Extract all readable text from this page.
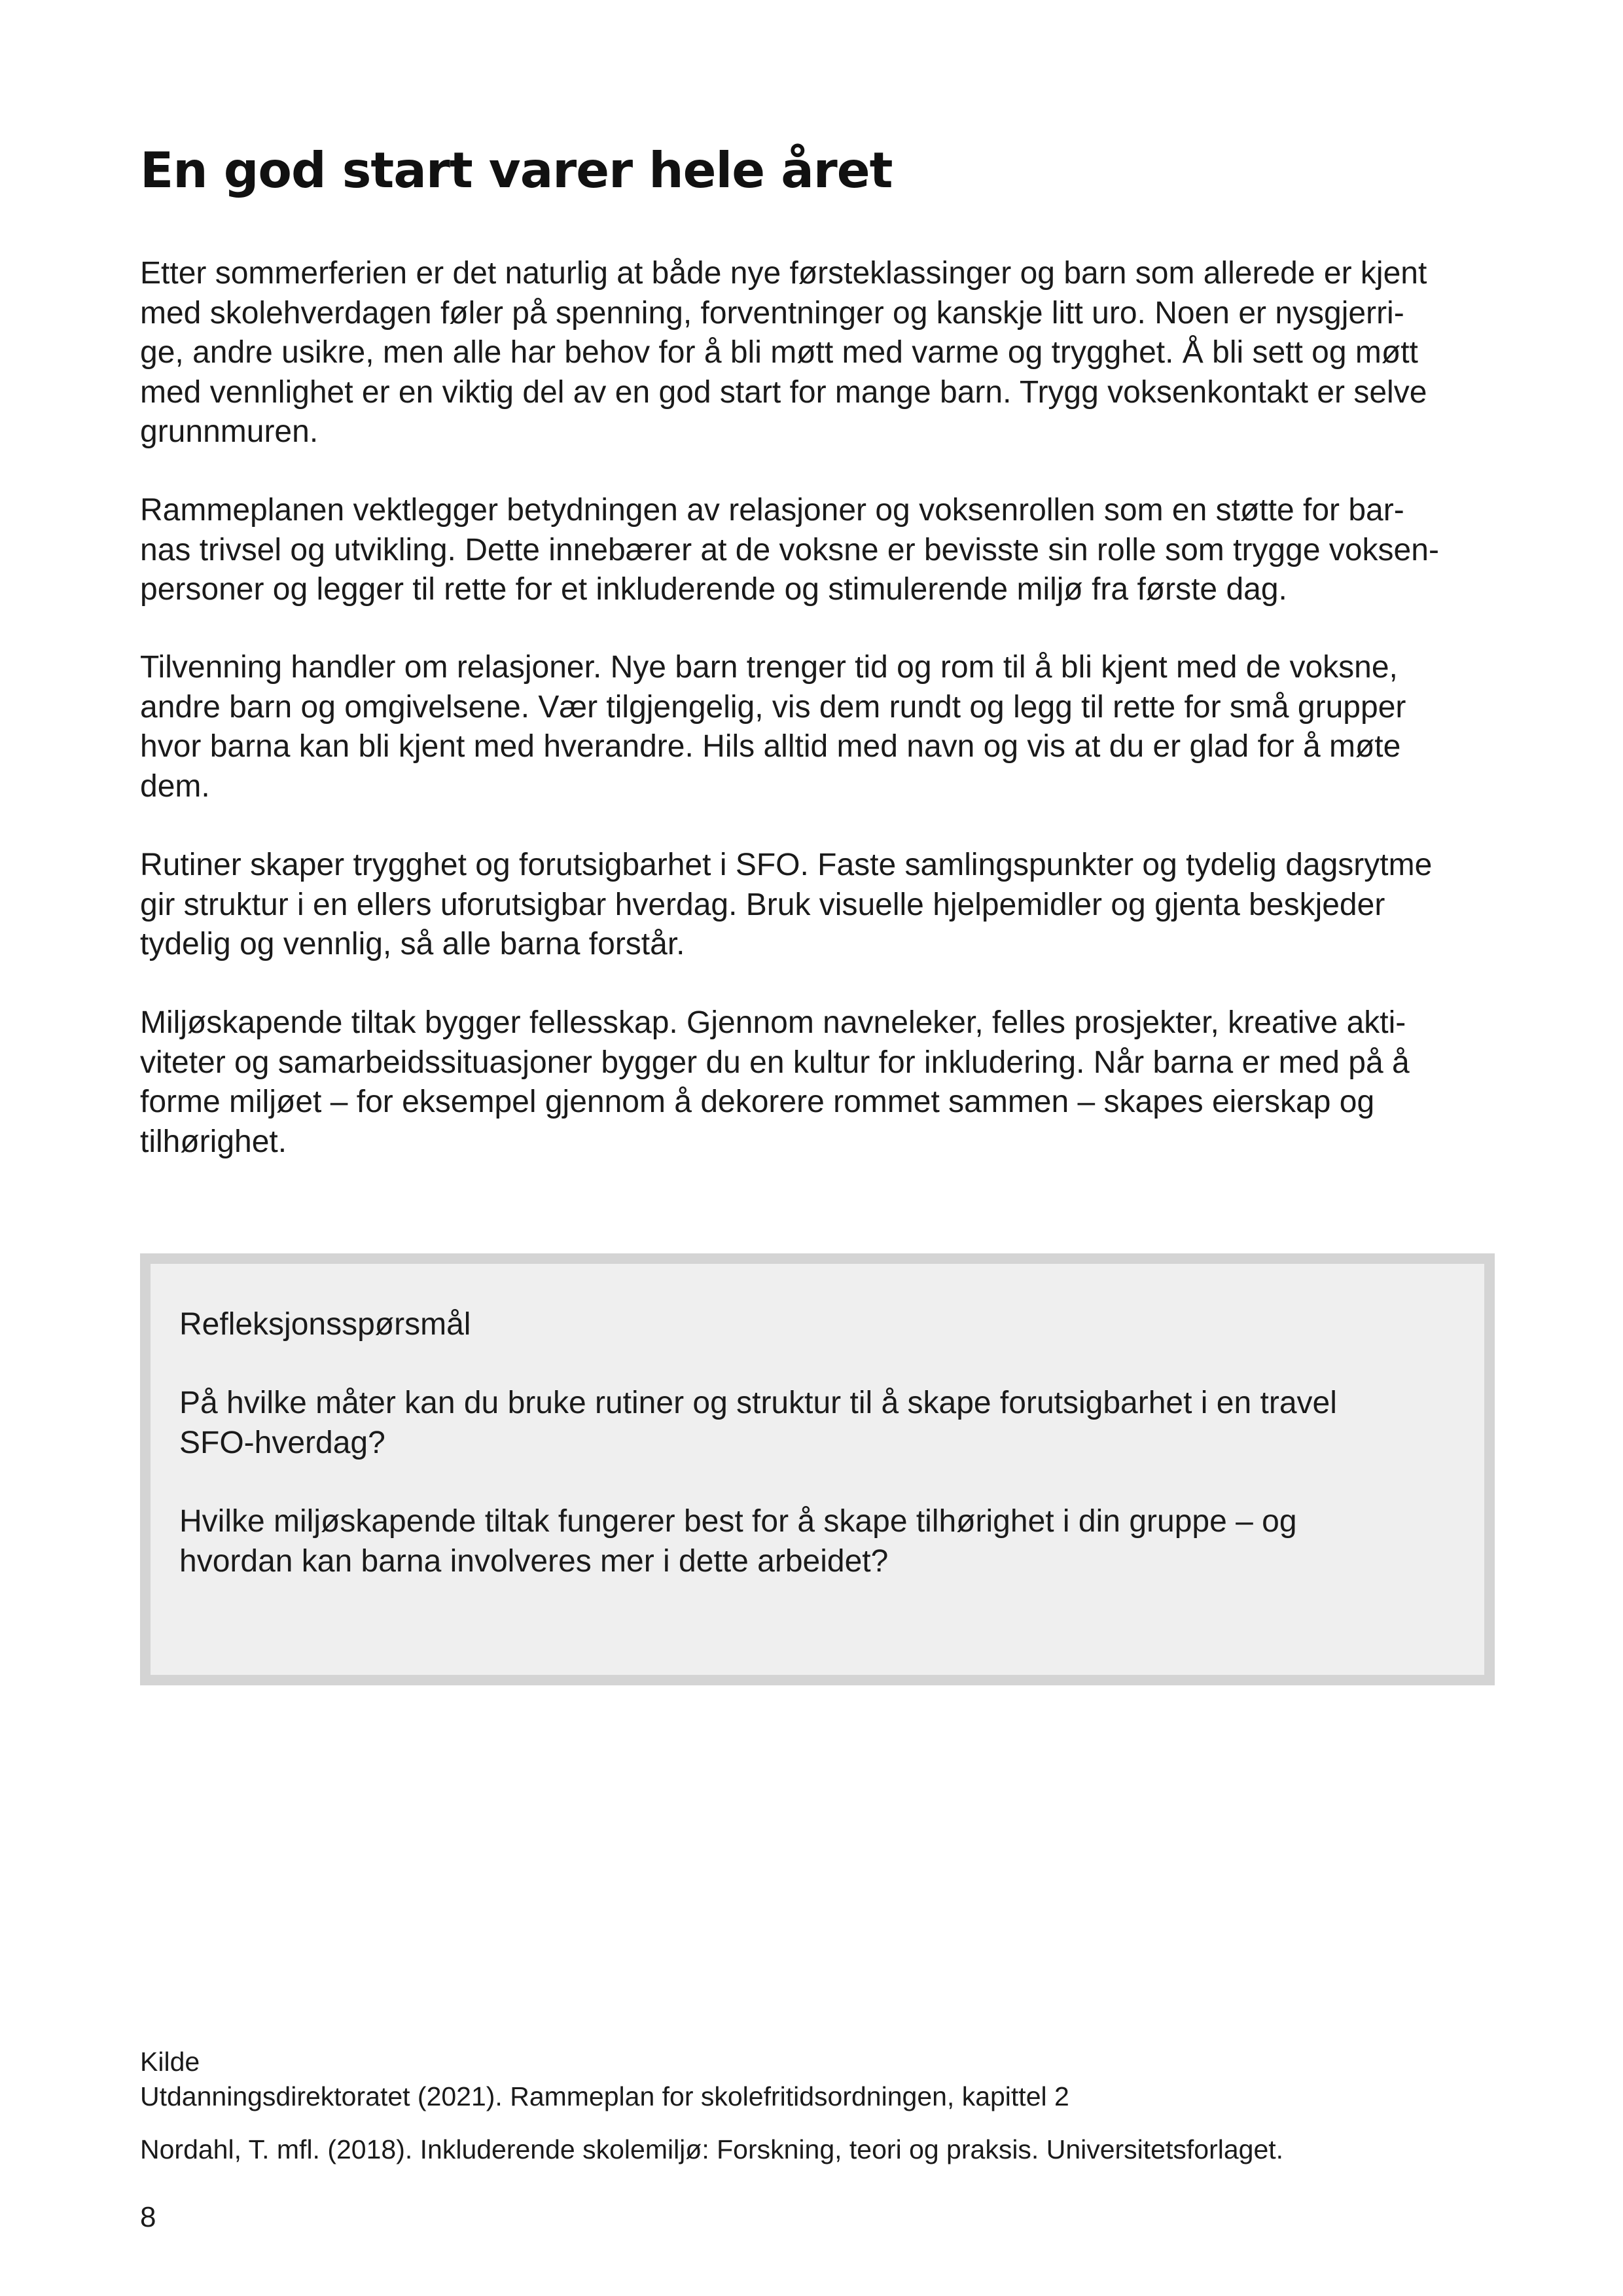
En god start varer hele året

Etter sommerferien er det naturlig at både nye førsteklassinger og barn som allerede er kjent
med skolehverdagen føler på spenning, forventninger og kanskje litt uro. Noen er nysgjerri-
ge, andre usikre, men alle har behov for å bli møtt med varme og trygghet. Å bli sett og møtt
med vennlighet er en viktig del av en god start for mange barn. Trygg voksenkontakt er selve
grunnmuren.

Rammeplanen vektlegger betydningen av relasjoner og voksenrollen som en støtte for bar-
nas trivsel og utvikling. Dette innebærer at de voksne er bevisste sin rolle som trygge voksen-
personer og legger til rette for et inkluderende og stimulerende miljø fra første dag.

Tilvenning handler om relasjoner. Nye barn trenger tid og rom til å bli kjent med de voksne,
andre barn og omgivelsene. Vær tilgjengelig, vis dem rundt og legg til rette for små grupper
hvor barna kan bli kjent med hverandre. Hils alltid med navn og vis at du er glad for å møte
dem.

Rutiner skaper trygghet og forutsigbarhet i SFO. Faste samlingspunkter og tydelig dagsrytme
gir struktur i en ellers uforutsigbar hverdag. Bruk visuelle hjelpemidler og gjenta beskjeder
tydelig og vennlig, så alle barna forstår.

Miljøskapende tiltak bygger fellesskap. Gjennom navneleker, felles prosjekter, kreative akti-
viteter og samarbeidssituasjoner bygger du en kultur for inkludering. Når barna er med på å
forme miljøet – for eksempel gjennom å dekorere rommet sammen – skapes eierskap og
tilhørighet.

Refleksjonsspørsmål

På hvilke måter kan du bruke rutiner og struktur til å skape forutsigbarhet i en travel
SFO-hverdag?

Hvilke miljøskapende tiltak fungerer best for å skape tilhørighet i din gruppe – og
hvordan kan barna involveres mer i dette arbeidet?

Kilde
Utdanningsdirektoratet (2021). Rammeplan for skolefritidsordningen, kapittel 2

Nordahl, T. mfl. (2018). Inkluderende skolemiljø: Forskning, teori og praksis. Universitetsforlaget.

8
